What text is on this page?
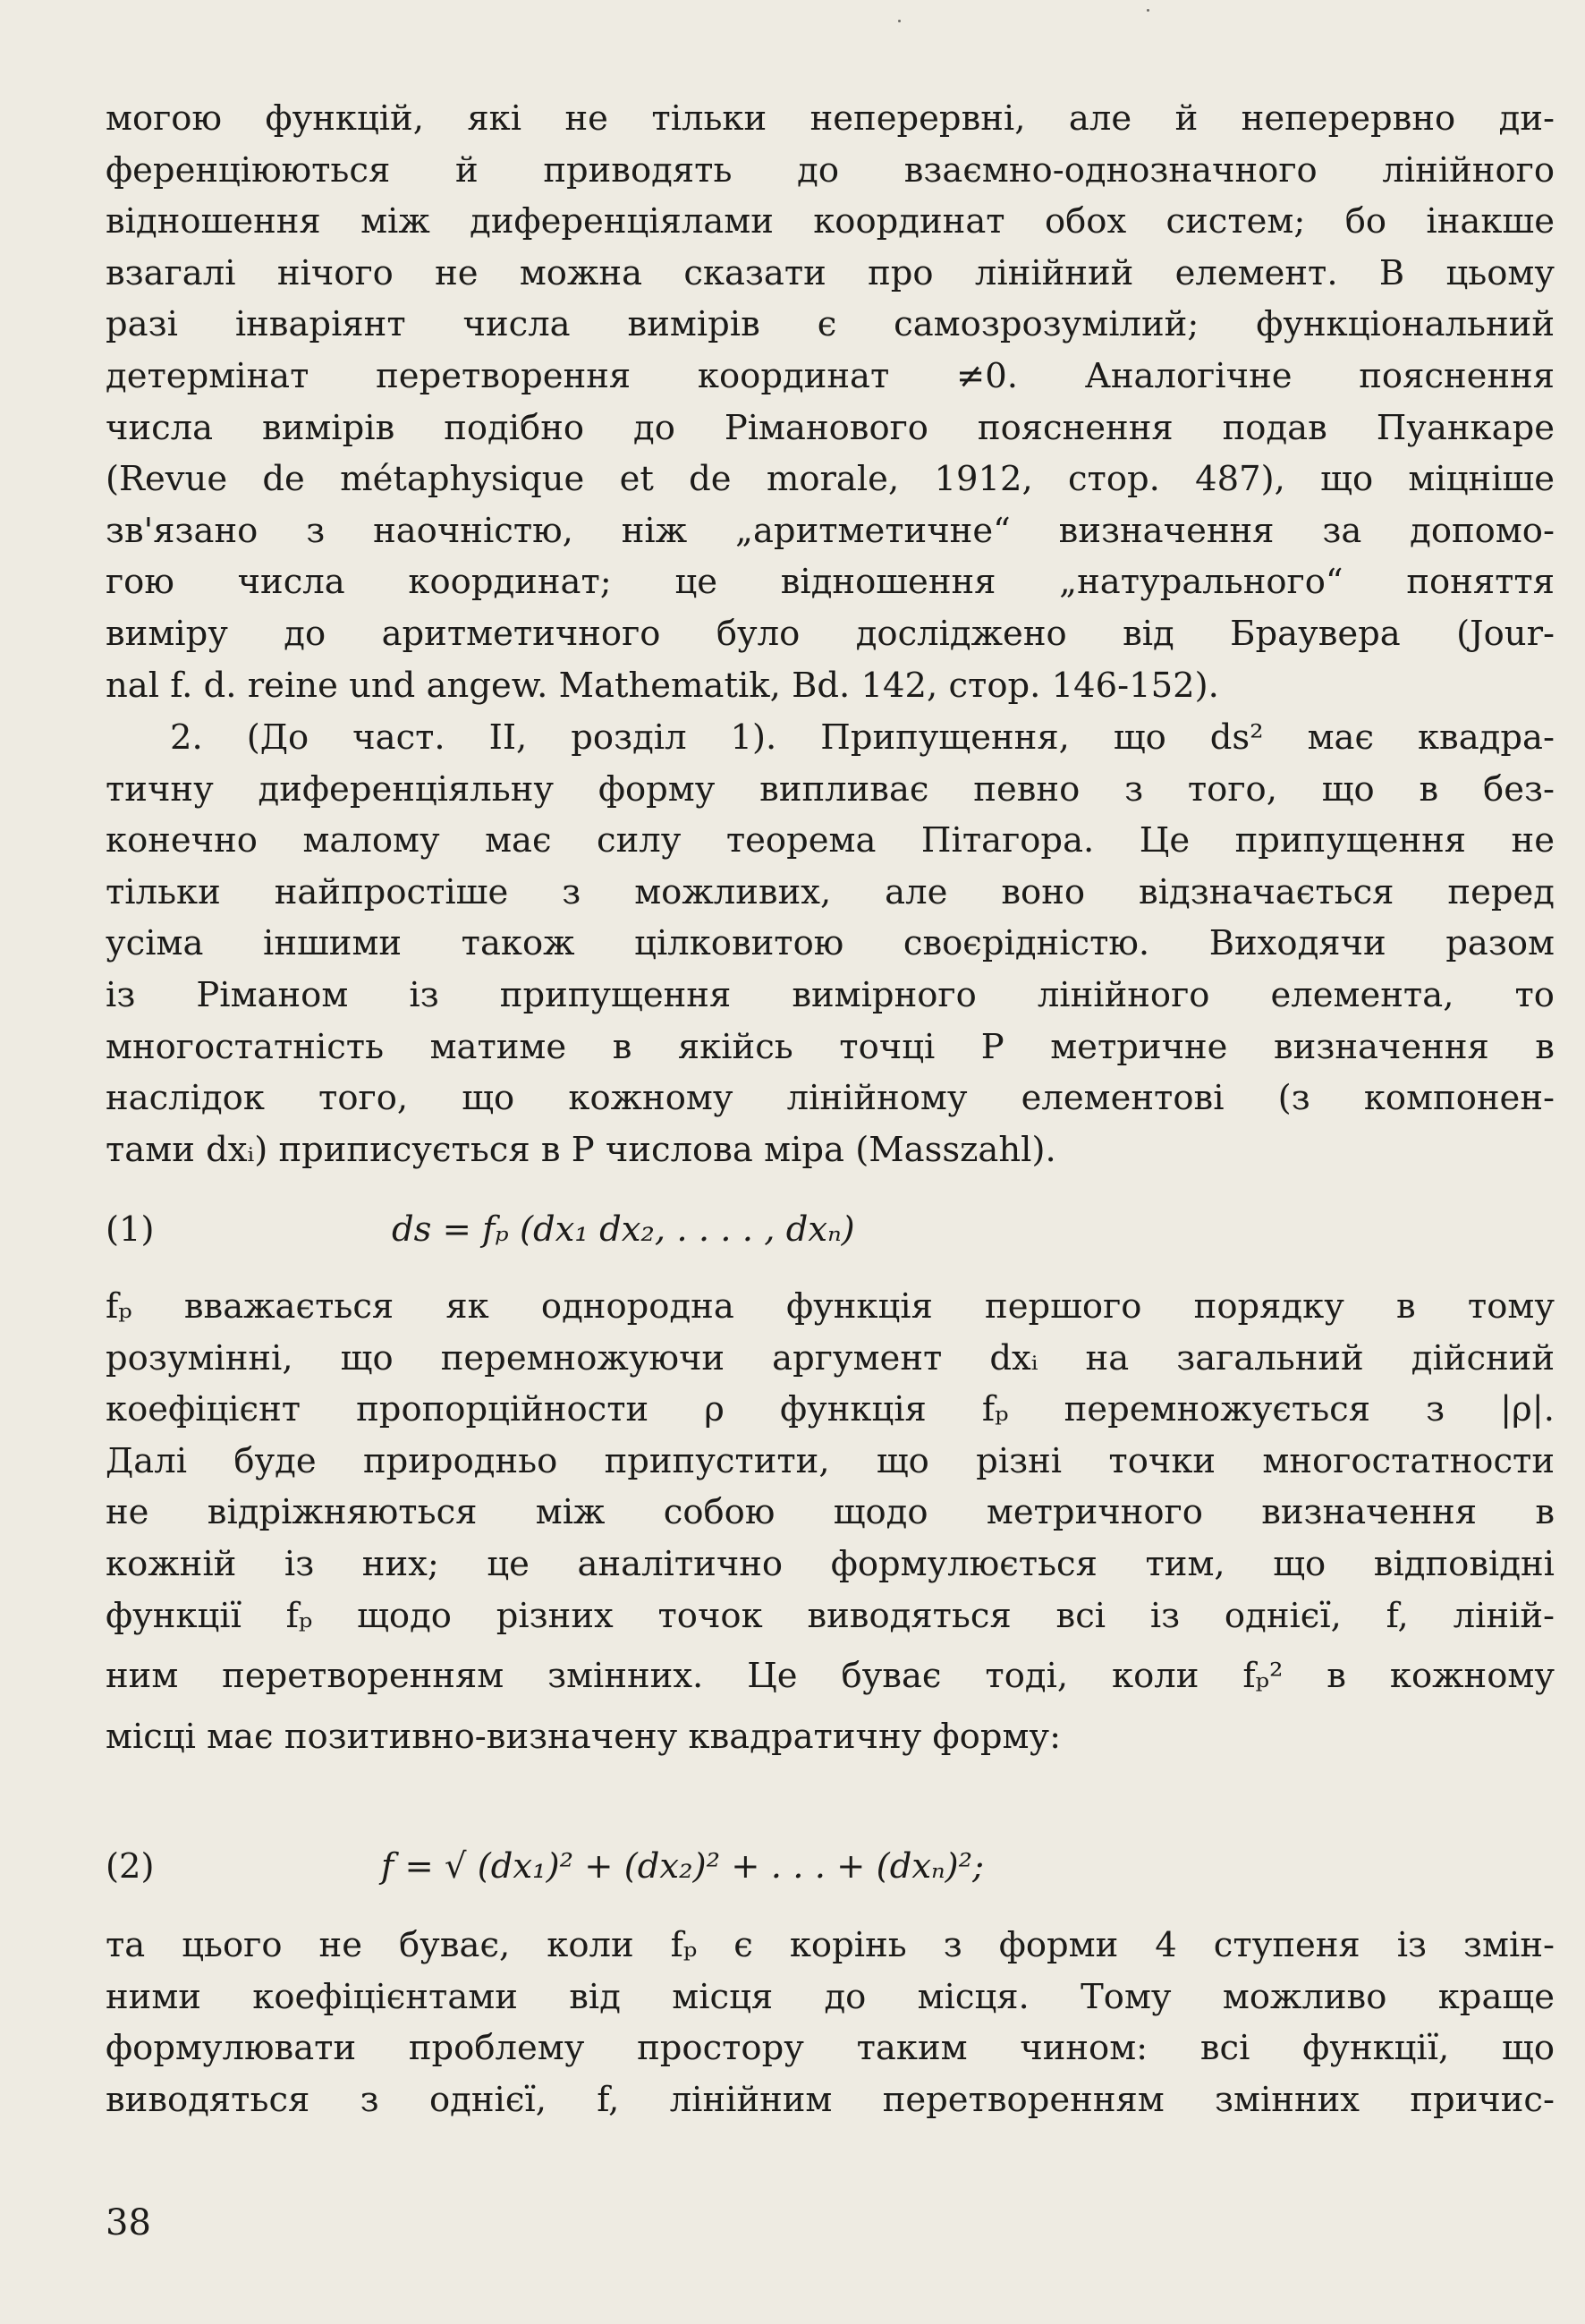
могою функцій, які не тільки неперервні, але й неперервно ди-
ференціюються й приводять до взаємно-однозначного лінійного
відношення між диференціялами координат обох систем; бо інакше
взагалі нічого не можна сказати про лінійний елемент. В цьому
разі інваріянт числа вимірів є самозрозумілий; функціональний
детермінат перетворення координат ≠0. Аналогічне пояснення
числа вимірів подібно до Ріманового пояснення подав Пуанкаре
(Revue de métaphysique et de morale, 1912, стор. 487), що міцніше
зв'язано з наочністю, ніж „аритметичне“ визначення за допомо-
гою числа координат; це відношення „натурального“ поняття
виміру до аритметичного було досліджено від Браувера (Jour-
nal f. d. reine und angew. Mathematik, Bd. 142, стор. 146-152).
2. (До част. II, розділ 1). Припущення, що ds² має квадра-
тичну диференціяльну форму випливає певно з того, що в без-
конечно малому має силу теорема Пітагора. Це припущення не
тільки найпростіше з можливих, але воно відзначається перед
усіма іншими також цілковитою своєрідністю. Виходячи разом
із Ріманом із припущення вимірного лінійного елемента, то
многостатність матиме в якійсь точці P метричне визначення в
наслідок того, що кожному лінійному елементові (з компонен-
тами dxᵢ) приписується в P числова міра (Masszahl).
(1)	ds = fₚ (dx₁ dx₂, . . . . , dxₙ)
fₚ вважається як однородна функція першого порядку в тому
розумінні, що перемножуючи аргумент dxᵢ на загальний дійсний
коефіцієнт пропорційности ρ функція fₚ перемножується з |ρ|.
Далі буде природньо припустити, що різні точки многостатности
не відріжняються між собою щодо метричного визначення в
кожній із них; це аналітично формулюється тим, що відповідні
функції fₚ щодо різних точок виводяться всі із однієї, f, ліній-
ним перетворенням змінних. Це буває тоді, коли fₚ² в кожному
місці має позитивно-визначену квадратичну форму:
(2)	f = √ (dx₁)² + (dx₂)² + . . . + (dxₙ)²;
та цього не буває, коли fₚ є корінь з форми 4 ступеня із змін-
ними коефіцієнтами від місця до місця. Тому можливо краще
формулювати проблему простору таким чином: всі функції, що
виводяться з однієї, f, лінійним перетворенням змінних причис-
38
